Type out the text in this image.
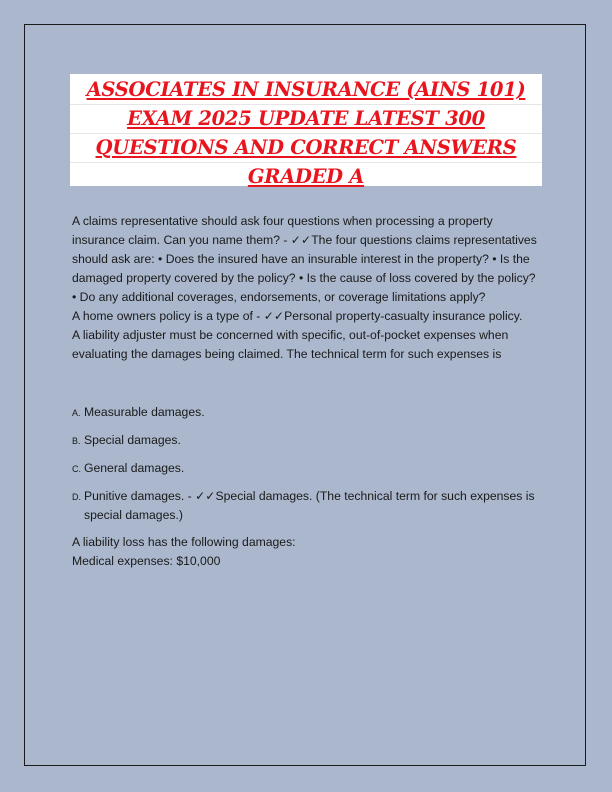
ASSOCIATES IN INSURANCE (AINS 101)
EXAM 2025 UPDATE LATEST 300
QUESTIONS AND CORRECT ANSWERS
GRADED A

A claims representative should ask four questions when processing a property insurance claim. Can you name them? - ✓✓The four questions claims representatives should ask are: • Does the insured have an insurable interest in the property? • Is the damaged property covered by the policy? • Is the cause of loss covered by the policy? • Do any additional coverages, endorsements, or coverage limitations apply?

A home owners policy is a type of - ✓✓Personal property-casualty insurance policy.

A liability adjuster must be concerned with specific, out-of-pocket expenses when evaluating the damages being claimed. The technical term for such expenses is

A. Measurable damages.
B. Special damages.
C. General damages.
D. Punitive damages. - ✓✓Special damages. (The technical term for such expenses is special damages.)

A liability loss has the following damages:

Medical expenses: $10,000
